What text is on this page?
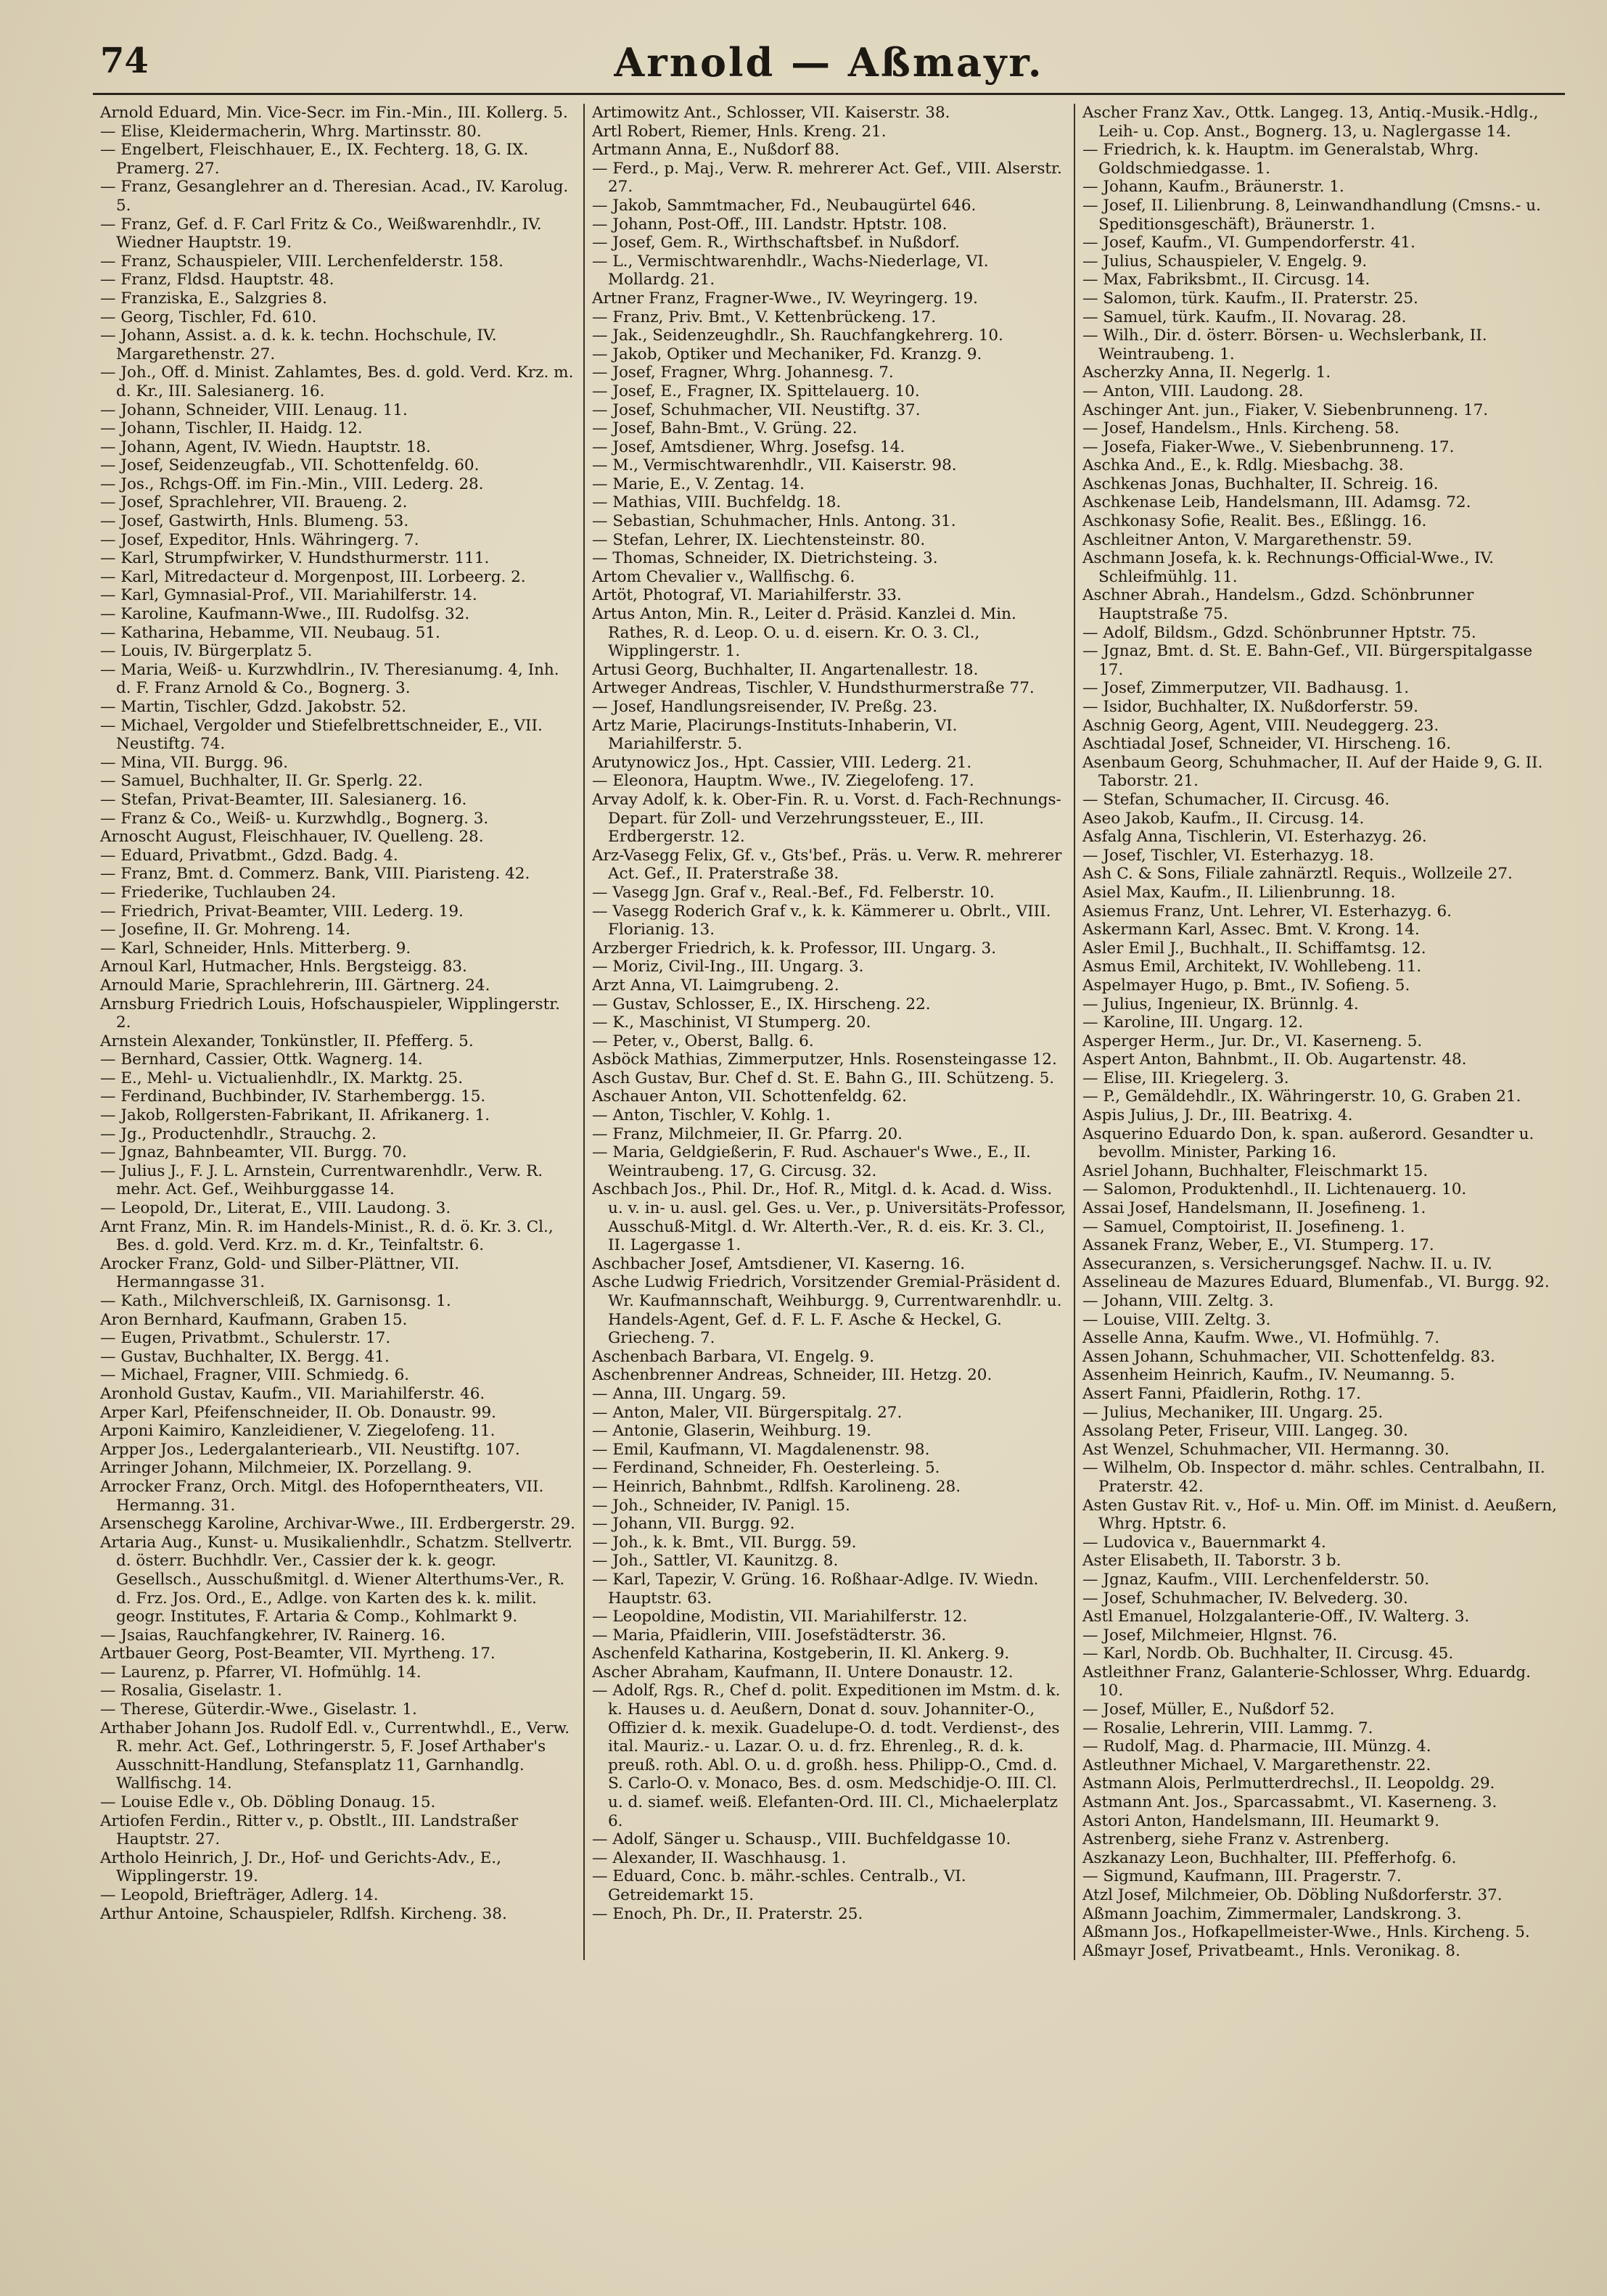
74	Arnold — Aßmayr.
Arnold Eduard, Min. Vice-Secr. im Fin.-Min., III. Kollerg. 5.
— Elise, Kleidermacherin, Whrg. Martinsstr. 80.
— Engelbert, Fleischhauer, E., IX. Fechterg. 18, G. IX. Pramerg. 27.
— Franz, Gesanglehrer an d. Theresian. Acad., IV. Karolug. 5.
— Franz, Gef. d. F. Carl Fritz & Co., Weißwarenhdlr., IV. Wiedner Hauptstr. 19.
— Franz, Schauspieler, VIII. Lerchenfelderstr. 158.
— Franz, Fldsd. Hauptstr. 48.
— Franziska, E., Salzgries 8.
— Georg, Tischler, Fd. 610.
— Johann, Assist. a. d. k. k. techn. Hochschule, IV. Margarethenstr. 27.
— Joh., Off. d. Minist. Zahlamtes, Bes. d. gold. Verd. Krz. m. d. Kr., III. Salesianerg. 16.
— Johann, Schneider, VIII. Lenaug. 11.
— Johann, Tischler, II. Haidg. 12.
— Johann, Agent, IV. Wiedn. Hauptstr. 18.
— Josef, Seidenzeugfab., VII. Schottenfeldg. 60.
— Jos., Rchgs-Off. im Fin.-Min., VIII. Lederg. 28.
— Josef, Sprachlehrer, VII. Braueng. 2.
— Josef, Gastwirth, Hnls. Blumeng. 53.
— Josef, Expeditor, Hnls. Währingerg. 7.
— Karl, Strumpfwirker, V. Hundsthurmerstr. 111.
— Karl, Mitredacteur d. Morgenpost, III. Lorbeerg. 2.
— Karl, Gymnasial-Prof., VII. Mariahilferstr. 14.
— Karoline, Kaufmann-Wwe., III. Rudolfsg. 32.
— Katharina, Hebamme, VII. Neubaug. 51.
— Louis, IV. Bürgerplatz 5.
— Maria, Weiß- u. Kurzwhdlrin., IV. Theresianumg. 4, Inh. d. F. Franz Arnold & Co., Bognerg. 3.
— Martin, Tischler, Gdzd. Jakobstr. 52.
— Michael, Vergolder und Stiefelbrettschneider, E., VII. Neustiftg. 74.
— Mina, VII. Burgg. 96.
— Samuel, Buchhalter, II. Gr. Sperlg. 22.
— Stefan, Privat-Beamter, III. Salesianerg. 16.
— Franz & Co., Weiß- u. Kurzwhdlg., Bognerg. 3.
Arnoscht August, Fleischhauer, IV. Quelleng. 28.
— Eduard, Privatbmt., Gdzd. Badg. 4.
— Franz, Bmt. d. Commerz. Bank, VIII. Piaristeng. 42.
— Friederike, Tuchlauben 24.
— Friedrich, Privat-Beamter, VIII. Lederg. 19.
— Josefine, II. Gr. Mohreng. 14.
— Karl, Schneider, Hnls. Mitterberg. 9.
Arnoul Karl, Hutmacher, Hnls. Bergsteigg. 83.
Arnould Marie, Sprachlehrerin, III. Gärtnerg. 24.
Arnsburg Friedrich Louis, Hofschauspieler, Wipplingerstr. 2.
Arnstein Alexander, Tonkünstler, II. Pfefferg. 5.
— Bernhard, Cassier, Ottk. Wagnerg. 14.
— E., Mehl- u. Victualienhdlr., IX. Marktg. 25.
— Ferdinand, Buchbinder, IV. Starhembergg. 15.
— Jakob, Rollgersten-Fabrikant, II. Afrikanerg. 1.
— Jg., Productenhdlr., Strauchg. 2.
— Jgnaz, Bahnbeamter, VII. Burgg. 70.
— Julius J., F. J. L. Arnstein, Currentwarenhdlr., Verw. R. mehr. Act. Gef., Weihburggasse 14.
— Leopold, Dr., Literat, E., VIII. Laudong. 3.
Arnt Franz, Min. R. im Handels-Minist., R. d. ö. Kr. 3. Cl., Bes. d. gold. Verd. Krz. m. d. Kr., Teinfaltstr. 6.
Arocker Franz, Gold- und Silber-Plättner, VII. Hermanngasse 31.
— Kath., Milchverschleiß, IX. Garnisonsg. 1.
Aron Bernhard, Kaufmann, Graben 15.
— Eugen, Privatbmt., Schulerstr. 17.
— Gustav, Buchhalter, IX. Bergg. 41.
— Michael, Fragner, VIII. Schmiedg. 6.
Aronhold Gustav, Kaufm., VII. Mariahilferstr. 46.
Arper Karl, Pfeifenschneider, II. Ob. Donaustr. 99.
Arponi Kaimiro, Kanzleidiener, V. Ziegelofeng. 11.
Arpper Jos., Ledergalanteriearb., VII. Neustiftg. 107.
Arringer Johann, Milchmeier, IX. Porzellang. 9.
Arrocker Franz, Orch. Mitgl. des Hofoperntheaters, VII. Hermanng. 31.
Arsenschegg Karoline, Archivar-Wwe., III. Erdbergerstr. 29.
Artaria Aug., Kunst- u. Musikalienhdlr., Schatzm. Stellvertr. d. österr. Buchhdlr. Ver., Cassier der k. k. geogr. Gesellsch., Ausschußmitgl. d. Wiener Alterthums-Ver., R. d. Frz. Jos. Ord., E., Adlge. von Karten des k. k. milit. geogr. Institutes, F. Artaria & Comp., Kohlmarkt 9.
— Jsaias, Rauchfangkehrer, IV. Rainerg. 16.
Artbauer Georg, Post-Beamter, VII. Myrtheng. 17.
— Laurenz, p. Pfarrer, VI. Hofmühlg. 14.
— Rosalia, Giselastr. 1.
— Therese, Güterdir.-Wwe., Giselastr. 1.
Arthaber Johann Jos. Rudolf Edl. v., Currentwhdl., E., Verw. R. mehr. Act. Gef., Lothringerstr. 5, F. Josef Arthaber's Ausschnitt-Handlung, Stefansplatz 11, Garnhandlg. Wallfischg. 14.
— Louise Edle v., Ob. Döbling Donaug. 15.
Artiofen Ferdin., Ritter v., p. Obstlt., III. Landstraßer Hauptstr. 27.
Artholo Heinrich, J. Dr., Hof- und Gerichts-Adv., E., Wipplingerstr. 19.
— Leopold, Briefträger, Adlerg. 14.
Arthur Antoine, Schauspieler, Rdlfsh. Kircheng. 38.
Artimowitz Ant., Schlosser, VII. Kaiserstr. 38.
Artl Robert, Riemer, Hnls. Kreng. 21.
Artmann Anna, E., Nußdorf 88.
— Ferd., p. Maj., Verw. R. mehrerer Act. Gef., VIII. Alserstr. 27.
— Jakob, Sammtmacher, Fd., Neubaugürtel 646.
— Johann, Post-Off., III. Landstr. Hptstr. 108.
— Josef, Gem. R., Wirthschaftsbef. in Nußdorf.
— L., Vermischtwarenhdlr., Wachs-Niederlage, VI. Mollardg. 21.
Artner Franz, Fragner-Wwe., IV. Weyringerg. 19.
— Franz, Priv. Bmt., V. Kettenbrückeng. 17.
— Jak., Seidenzeughdlr., Sh. Rauchfangkehrerg. 10.
— Jakob, Optiker und Mechaniker, Fd. Kranzg. 9.
— Josef, Fragner, Whrg. Johannesg. 7.
— Josef, E., Fragner, IX. Spittelauerg. 10.
— Josef, Schuhmacher, VII. Neustiftg. 37.
— Josef, Bahn-Bmt., V. Grüng. 22.
— Josef, Amtsdiener, Whrg. Josefsg. 14.
— M., Vermischtwarenhdlr., VII. Kaiserstr. 98.
— Marie, E., V. Zentag. 14.
— Mathias, VIII. Buchfeldg. 18.
— Sebastian, Schuhmacher, Hnls. Antong. 31.
— Stefan, Lehrer, IX. Liechtensteinstr. 80.
— Thomas, Schneider, IX. Dietrichsteing. 3.
Artom Chevalier v., Wallfischg. 6.
Artöt, Photograf, VI. Mariahilferstr. 33.
Artus Anton, Min. R., Leiter d. Präsid. Kanzlei d. Min. Rathes, R. d. Leop. O. u. d. eisern. Kr. O. 3. Cl., Wipplingerstr. 1.
Artusi Georg, Buchhalter, II. Angartenallestr. 18.
Artweger Andreas, Tischler, V. Hundsthurmerstraße 77.
— Josef, Handlungsreisender, IV. Preßg. 23.
Artz Marie, Placirungs-Instituts-Inhaberin, VI. Mariahilferstr. 5.
Arutynowicz Jos., Hpt. Cassier, VIII. Lederg. 21.
— Eleonora, Hauptm. Wwe., IV. Ziegelofeng. 17.
Arvay Adolf, k. k. Ober-Fin. R. u. Vorst. d. Fach-Rechnungs-Depart. für Zoll- und Verzehrungssteuer, E., III. Erdbergerstr. 12.
Arz-Vasegg Felix, Gf. v., Gts'bef., Präs. u. Verw. R. mehrerer Act. Gef., II. Praterstraße 38.
— Vasegg Jgn. Graf v., Real.-Bef., Fd. Felberstr. 10.
— Vasegg Roderich Graf v., k. k. Kämmerer u. Obrlt., VIII. Florianig. 13.
Arzberger Friedrich, k. k. Professor, III. Ungarg. 3.
— Moriz, Civil-Ing., III. Ungarg. 3.
Arzt Anna, VI. Laimgrubeng. 2.
— Gustav, Schlosser, E., IX. Hirscheng. 22.
— K., Maschinist, VI Stumperg. 20.
— Peter, v., Oberst, Ballg. 6.
Asböck Mathias, Zimmerputzer, Hnls. Rosensteingasse 12.
Asch Gustav, Bur. Chef d. St. E. Bahn G., III. Schützeng. 5.
Aschauer Anton, VII. Schottenfeldg. 62.
— Anton, Tischler, V. Kohlg. 1.
— Franz, Milchmeier, II. Gr. Pfarrg. 20.
— Maria, Geldgießerin, F. Rud. Aschauer's Wwe., E., II. Weintraubeng. 17, G. Circusg. 32.
Aschbach Jos., Phil. Dr., Hof. R., Mitgl. d. k. Acad. d. Wiss. u. v. in- u. ausl. gel. Ges. u. Ver., p. Universitäts-Professor, Ausschuß-Mitgl. d. Wr. Alterth.-Ver., R. d. eis. Kr. 3. Cl., II. Lagergasse 1.
Aschbacher Josef, Amtsdiener, VI. Kaserng. 16.
Asche Ludwig Friedrich, Vorsitzender Gremial-Präsident d. Wr. Kaufmannschaft, Weihburgg. 9, Currentwarenhdlr. u. Handels-Agent, Gef. d. F. L. F. Asche & Heckel, G. Griecheng. 7.
Aschenbach Barbara, VI. Engelg. 9.
Aschenbrenner Andreas, Schneider, III. Hetzg. 20.
— Anna, III. Ungarg. 59.
— Anton, Maler, VII. Bürgerspitalg. 27.
— Antonie, Glaserin, Weihburg. 19.
— Emil, Kaufmann, VI. Magdalenenstr. 98.
— Ferdinand, Schneider, Fh. Oesterleing. 5.
— Heinrich, Bahnbmt., Rdlfsh. Karolineng. 28.
— Joh., Schneider, IV. Panigl. 15.
— Johann, VII. Burgg. 92.
— Joh., k. k. Bmt., VII. Burgg. 59.
— Joh., Sattler, VI. Kaunitzg. 8.
— Karl, Tapezir, V. Grüng. 16. Roßhaar-Adlge. IV. Wiedn. Hauptstr. 63.
— Leopoldine, Modistin, VII. Mariahilferstr. 12.
— Maria, Pfaidlerin, VIII. Josefstädterstr. 36.
Aschenfeld Katharina, Kostgeberin, II. Kl. Ankerg. 9.
Ascher Abraham, Kaufmann, II. Untere Donaustr. 12.
— Adolf, Rgs. R., Chef d. polit. Expeditionen im Mstm. d. k. k. Hauses u. d. Aeußern, Donat d. souv. Johanniter-O., Offizier d. k. mexik. Guadelupe-O. d. todt. Verdienst-, des ital. Mauriz.- u. Lazar. O. u. d. frz. Ehrenleg., R. d. k. preuß. roth. Abl. O. u. d. großh. hess. Philipp-O., Cmd. d. S. Carlo-O. v. Monaco, Bes. d. osm. Medschidje-O. III. Cl. u. d. siamef. weiß. Elefanten-Ord. III. Cl., Michaelerplatz 6.
— Adolf, Sänger u. Schausp., VIII. Buchfeldgasse 10.
— Alexander, II. Waschhausg. 1.
— Eduard, Conc. b. mähr.-schles. Centralb., VI. Getreidemarkt 15.
— Enoch, Ph. Dr., II. Praterstr. 25.
Ascher Franz Xav., Ottk. Langeg. 13, Antiq.-Musik.-Hdlg., Leih- u. Cop. Anst., Bognerg. 13, u. Naglergasse 14.
— Friedrich, k. k. Hauptm. im Generalstab, Whrg. Goldschmiedgasse. 1.
— Johann, Kaufm., Bräunerstr. 1.
— Josef, II. Lilienbrung. 8, Leinwandhandlung (Cmsns.- u. Speditionsgeschäft), Bräunerstr. 1.
— Josef, Kaufm., VI. Gumpendorferstr. 41.
— Julius, Schauspieler, V. Engelg. 9.
— Max, Fabriksbmt., II. Circusg. 14.
— Salomon, türk. Kaufm., II. Praterstr. 25.
— Samuel, türk. Kaufm., II. Novarag. 28.
— Wilh., Dir. d. österr. Börsen- u. Wechslerbank, II. Weintraubeng. 1.
Ascherzky Anna, II. Negerlg. 1.
— Anton, VIII. Laudong. 28.
Aschinger Ant. jun., Fiaker, V. Siebenbrunneng. 17.
— Josef, Handelsm., Hnls. Kircheng. 58.
— Josefa, Fiaker-Wwe., V. Siebenbrunneng. 17.
Aschka And., E., k. Rdlg. Miesbachg. 38.
Aschkenas Jonas, Buchhalter, II. Schreig. 16.
Aschkenase Leib, Handelsmann, III. Adamsg. 72.
Aschkonasy Sofie, Realit. Bes., Eßlingg. 16.
Aschleitner Anton, V. Margarethenstr. 59.
Aschmann Josefa, k. k. Rechnungs-Official-Wwe., IV. Schleifmühlg. 11.
Aschner Abrah., Handelsm., Gdzd. Schönbrunner Hauptstraße 75.
— Adolf, Bildsm., Gdzd. Schönbrunner Hptstr. 75.
— Jgnaz, Bmt. d. St. E. Bahn-Gef., VII. Bürgerspitalgasse 17.
— Josef, Zimmerputzer, VII. Badhausg. 1.
— Isidor, Buchhalter, IX. Nußdorferstr. 59.
Aschnig Georg, Agent, VIII. Neudeggerg. 23.
Aschtiadal Josef, Schneider, VI. Hirscheng. 16.
Asenbaum Georg, Schuhmacher, II. Auf der Haide 9, G. II. Taborstr. 21.
— Stefan, Schumacher, II. Circusg. 46.
Aseo Jakob, Kaufm., II. Circusg. 14.
Asfalg Anna, Tischlerin, VI. Esterhazyg. 26.
— Josef, Tischler, VI. Esterhazyg. 18.
Ash C. & Sons, Filiale zahnärztl. Requis., Wollzeile 27.
Asiel Max, Kaufm., II. Lilienbrunng. 18.
Asiemus Franz, Unt. Lehrer, VI. Esterhazyg. 6.
Askermann Karl, Assec. Bmt. V. Krong. 14.
Asler Emil J., Buchhalt., II. Schiffamtsg. 12.
Asmus Emil, Architekt, IV. Wohllebeng. 11.
Aspelmayer Hugo, p. Bmt., IV. Sofieng. 5.
— Julius, Ingenieur, IX. Brünnlg. 4.
— Karoline, III. Ungarg. 12.
Asperger Herm., Jur. Dr., VI. Kaserneng. 5.
Aspert Anton, Bahnbmt., II. Ob. Augartenstr. 48.
— Elise, III. Kriegelerg. 3.
— P., Gemäldehdlr., IX. Währingerstr. 10, G. Graben 21.
Aspis Julius, J. Dr., III. Beatrixg. 4.
Asquerino Eduardo Don, k. span. außerord. Gesandter u. bevollm. Minister, Parking 16.
Asriel Johann, Buchhalter, Fleischmarkt 15.
— Salomon, Produktenhdl., II. Lichtenauerg. 10.
Assai Josef, Handelsmann, II. Josefineng. 1.
— Samuel, Comptoirist, II. Josefineng. 1.
Assanek Franz, Weber, E., VI. Stumperg. 17.
Assecuranzen, s. Versicherungsgef. Nachw. II. u. IV.
Asselineau de Mazures Eduard, Blumenfab., VI. Burgg. 92.
— Johann, VIII. Zeltg. 3.
— Louise, VIII. Zeltg. 3.
Asselle Anna, Kaufm. Wwe., VI. Hofmühlg. 7.
Assen Johann, Schuhmacher, VII. Schottenfeldg. 83.
Assenheim Heinrich, Kaufm., IV. Neumanng. 5.
Assert Fanni, Pfaidlerin, Rothg. 17.
— Julius, Mechaniker, III. Ungarg. 25.
Assolang Peter, Friseur, VIII. Langeg. 30.
Ast Wenzel, Schuhmacher, VII. Hermanng. 30.
— Wilhelm, Ob. Inspector d. mähr. schles. Centralbahn, II. Praterstr. 42.
Asten Gustav Rit. v., Hof- u. Min. Off. im Minist. d. Aeußern, Whrg. Hptstr. 6.
— Ludovica v., Bauernmarkt 4.
Aster Elisabeth, II. Taborstr. 3 b.
— Jgnaz, Kaufm., VIII. Lerchenfelderstr. 50.
— Josef, Schuhmacher, IV. Belvederg. 30.
Astl Emanuel, Holzgalanterie-Off., IV. Walterg. 3.
— Josef, Milchmeier, Hlgnst. 76.
— Karl, Nordb. Ob. Buchhalter, II. Circusg. 45.
Astleithner Franz, Galanterie-Schlosser, Whrg. Eduardg. 10.
— Josef, Müller, E., Nußdorf 52.
— Rosalie, Lehrerin, VIII. Lammg. 7.
— Rudolf, Mag. d. Pharmacie, III. Münzg. 4.
Astleuthner Michael, V. Margarethenstr. 22.
Astmann Alois, Perlmutterdrechsl., II. Leopoldg. 29.
Astmann Ant. Jos., Sparcassabmt., VI. Kaserneng. 3.
Astori Anton, Handelsmann, III. Heumarkt 9.
Astrenberg, siehe Franz v. Astrenberg.
Aszkanazy Leon, Buchhalter, III. Pfefferhofg. 6.
— Sigmund, Kaufmann, III. Pragerstr. 7.
Atzl Josef, Milchmeier, Ob. Döbling Nußdorferstr. 37.
Aßmann Joachim, Zimmermaler, Landskrong. 3.
Aßmann Jos., Hofkapellmeister-Wwe., Hnls. Kircheng. 5.
Aßmayr Josef, Privatbeamt., Hnls. Veronikag. 8.
